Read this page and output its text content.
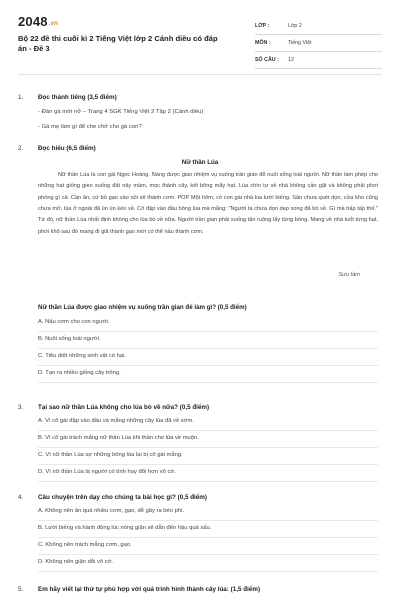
2048.vn
Bộ 22 đề thi cuối kì 2 Tiếng Việt lớp 2 Cánh diều có đáp án - Đề 3
LỚP :	Lớp 2
MÔN :	Tiếng Việt
SỐ CÂU : 12
1. Đọc thành tiếng (3,5 điểm)
- Đàn gà mới nở – Trang 4 SGK Tiếng Việt 2 Tập 2 (Cánh diều)
- Gà mẹ làm gì để che chở cho gà con?
2. Đọc hiểu (6,5 điểm)
Nữ thần Lúa
Nữ thần Lúa là con gái Ngọc Hoàng. Nàng được giao nhiệm vụ xuống trần gian để nuôi sống loài người. Nữ thần làm phép cho những hạt giống gieo xuống đất nảy mầm, mọc thành cây, kết bông mẩy hạt. Lúa chín tự về nhà không cần gặt và không phải phơi phóng gì cả. Cần ăn, cứ bỏ gạo vào nồi sẽ thành cơm. POP Một hôm, có con gái nhà kia lười biếng. Sân chưa quét dọn, cửa kho cũng chưa mở, lúa ở ngoài đã ùn ùn kéo về. Cô đập vào đầu bông lúa mà mắng: "Người ta chưa dọn dẹp xong đã bò về. Gì mà hấp tấp thế." Từ đó, nữ thần Lúa nhất định không cho lúa bò về nữa. Người trần gian phải xuống tận ruộng lấy từng bông. Mang về nhà tuốt từng hạt, phơi khô sau đó mang đi giã thành gạo mới có thể nấu thành cơm.
Sưu tầm
Nữ thần Lúa được giao nhiệm vụ xuống trần gian để làm gì? (0,5 điểm)
A. Nấu cơm cho con người.
B. Nuôi sống loài người.
C. Tiêu diệt những sinh vật có hại.
D. Tạo ra nhiều giống cây trồng.
3. Tại sao nữ thần Lúa không cho lúa bò về nữa? (0,5 điểm)
A. Vì cô gái đập vào đầu và mắng những cây lúa đã về sớm.
B. Vì cô gái trách mắng nữ thần Lúa khi thần cho lúa về muộn.
C. Vì nữ thần Lúa sợ những bông lúa lại bị cô gái mắng.
D. Vì nữ thần Lúa là người có tính hay đổi hơn vô cớ.
4. Câu chuyện trên dạy cho chúng ta bài học gì? (0,5 điểm)
A. Không nên ăn quá nhiều cơm, gạo, dễ gây ra béo phì.
B. Lười biếng và hành động lúc nóng giận sẽ dẫn đến hậu quả xấu.
C. Không nên trách mắng cơm, gạo.
D. Không nên giận dỗi vô cớ.
5. Em hãy viết lại thứ tự phù hợp với quá trình hình thành cây lúa: (1,5 điểm)
